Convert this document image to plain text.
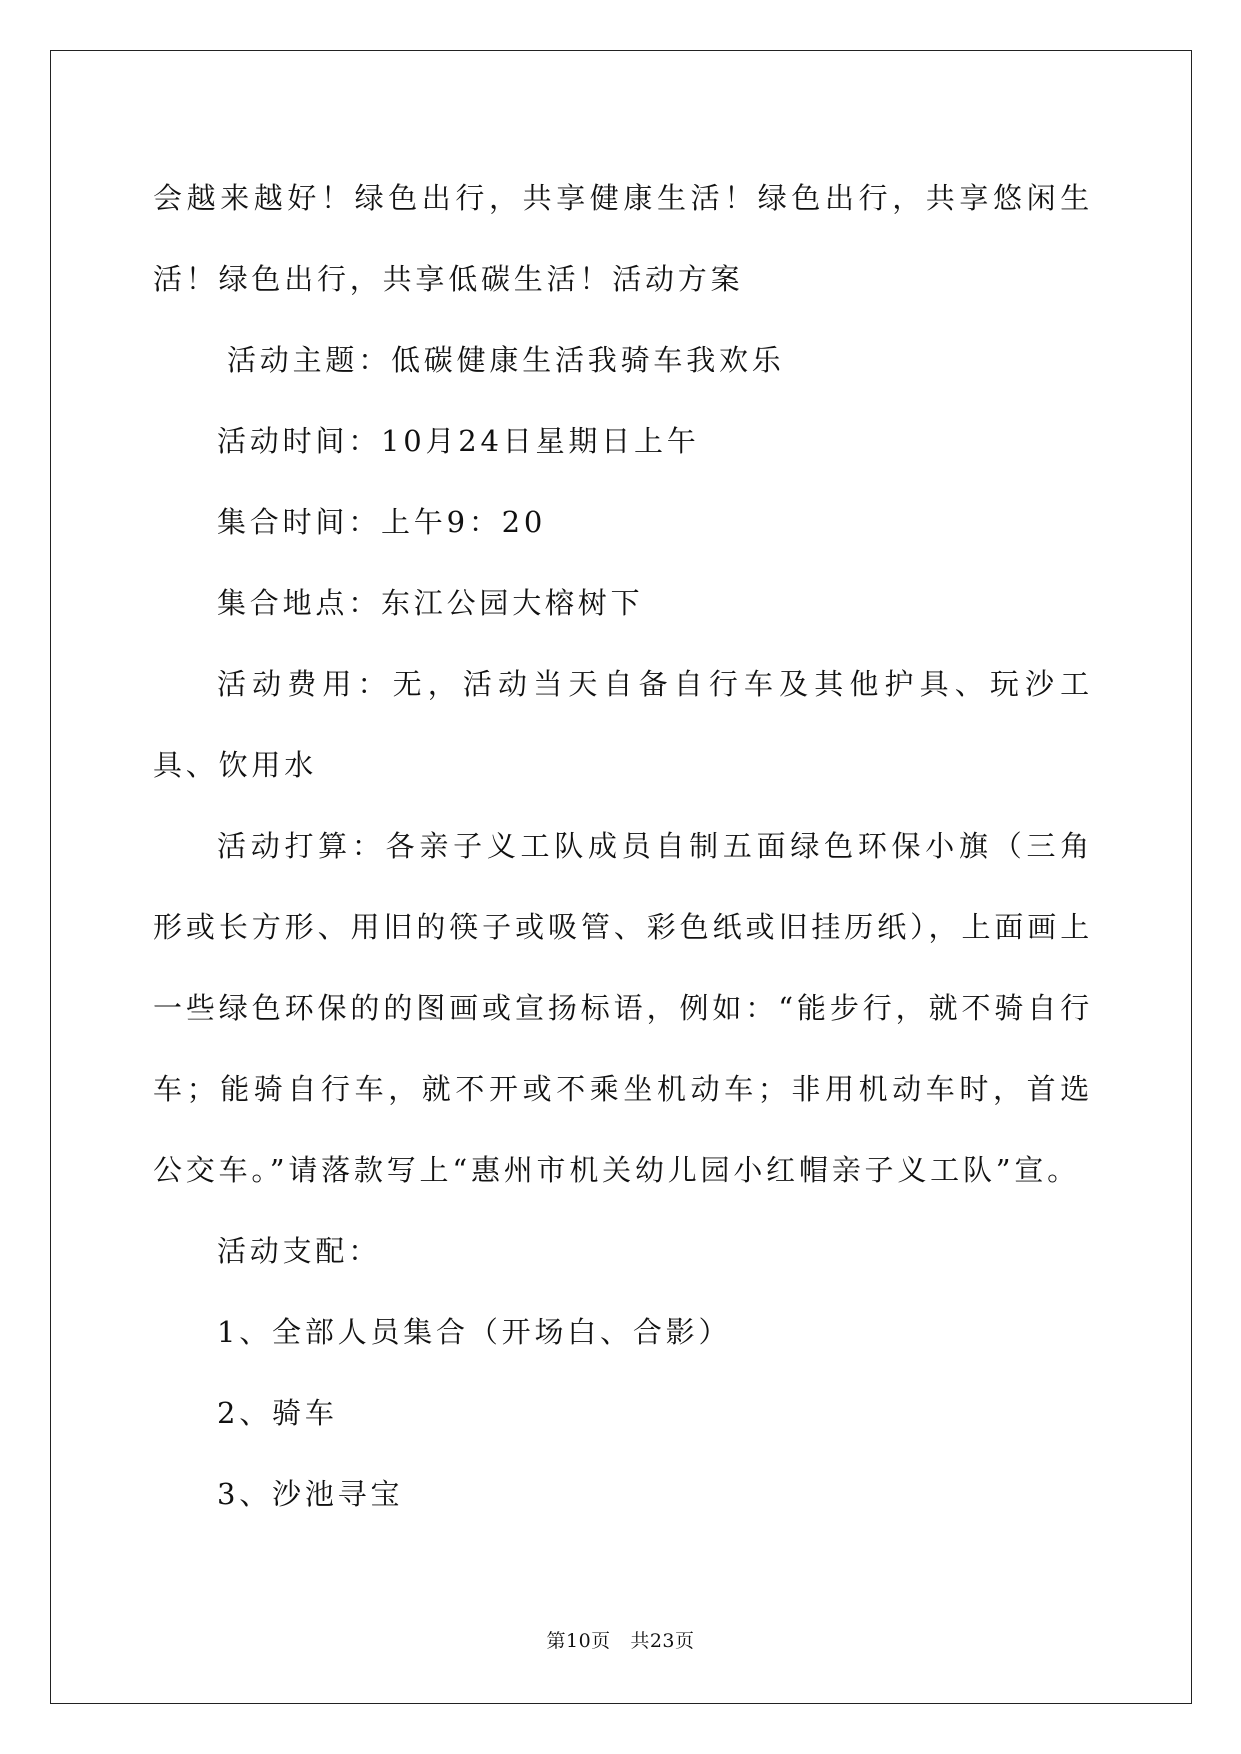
会越来越好！绿色出行，共享健康生活！绿色出行，共享悠闲生活！绿色出行，共享低碳生活！活动方案

活动主题：低碳健康生活我骑车我欢乐

活动时间：10月24日星期日上午

集合时间：上午9：20

集合地点：东江公园大榕树下

活动费用：无，活动当天自备自行车及其他护具、玩沙工具、饮用水

活动打算：各亲子义工队成员自制五面绿色环保小旗（三角形或长方形、用旧的筷子或吸管、彩色纸或旧挂历纸），上面画上一些绿色环保的的图画或宣扬标语，例如：“能步行，就不骑自行车；能骑自行车，就不开或不乘坐机动车；非用机动车时，首选公交车。”请落款写上“惠州市机关幼儿园小红帽亲子义工队”宣。

活动支配：

1、全部人员集合（开场白、合影）

2、骑车

3、沙池寻宝

第10页 共23页
